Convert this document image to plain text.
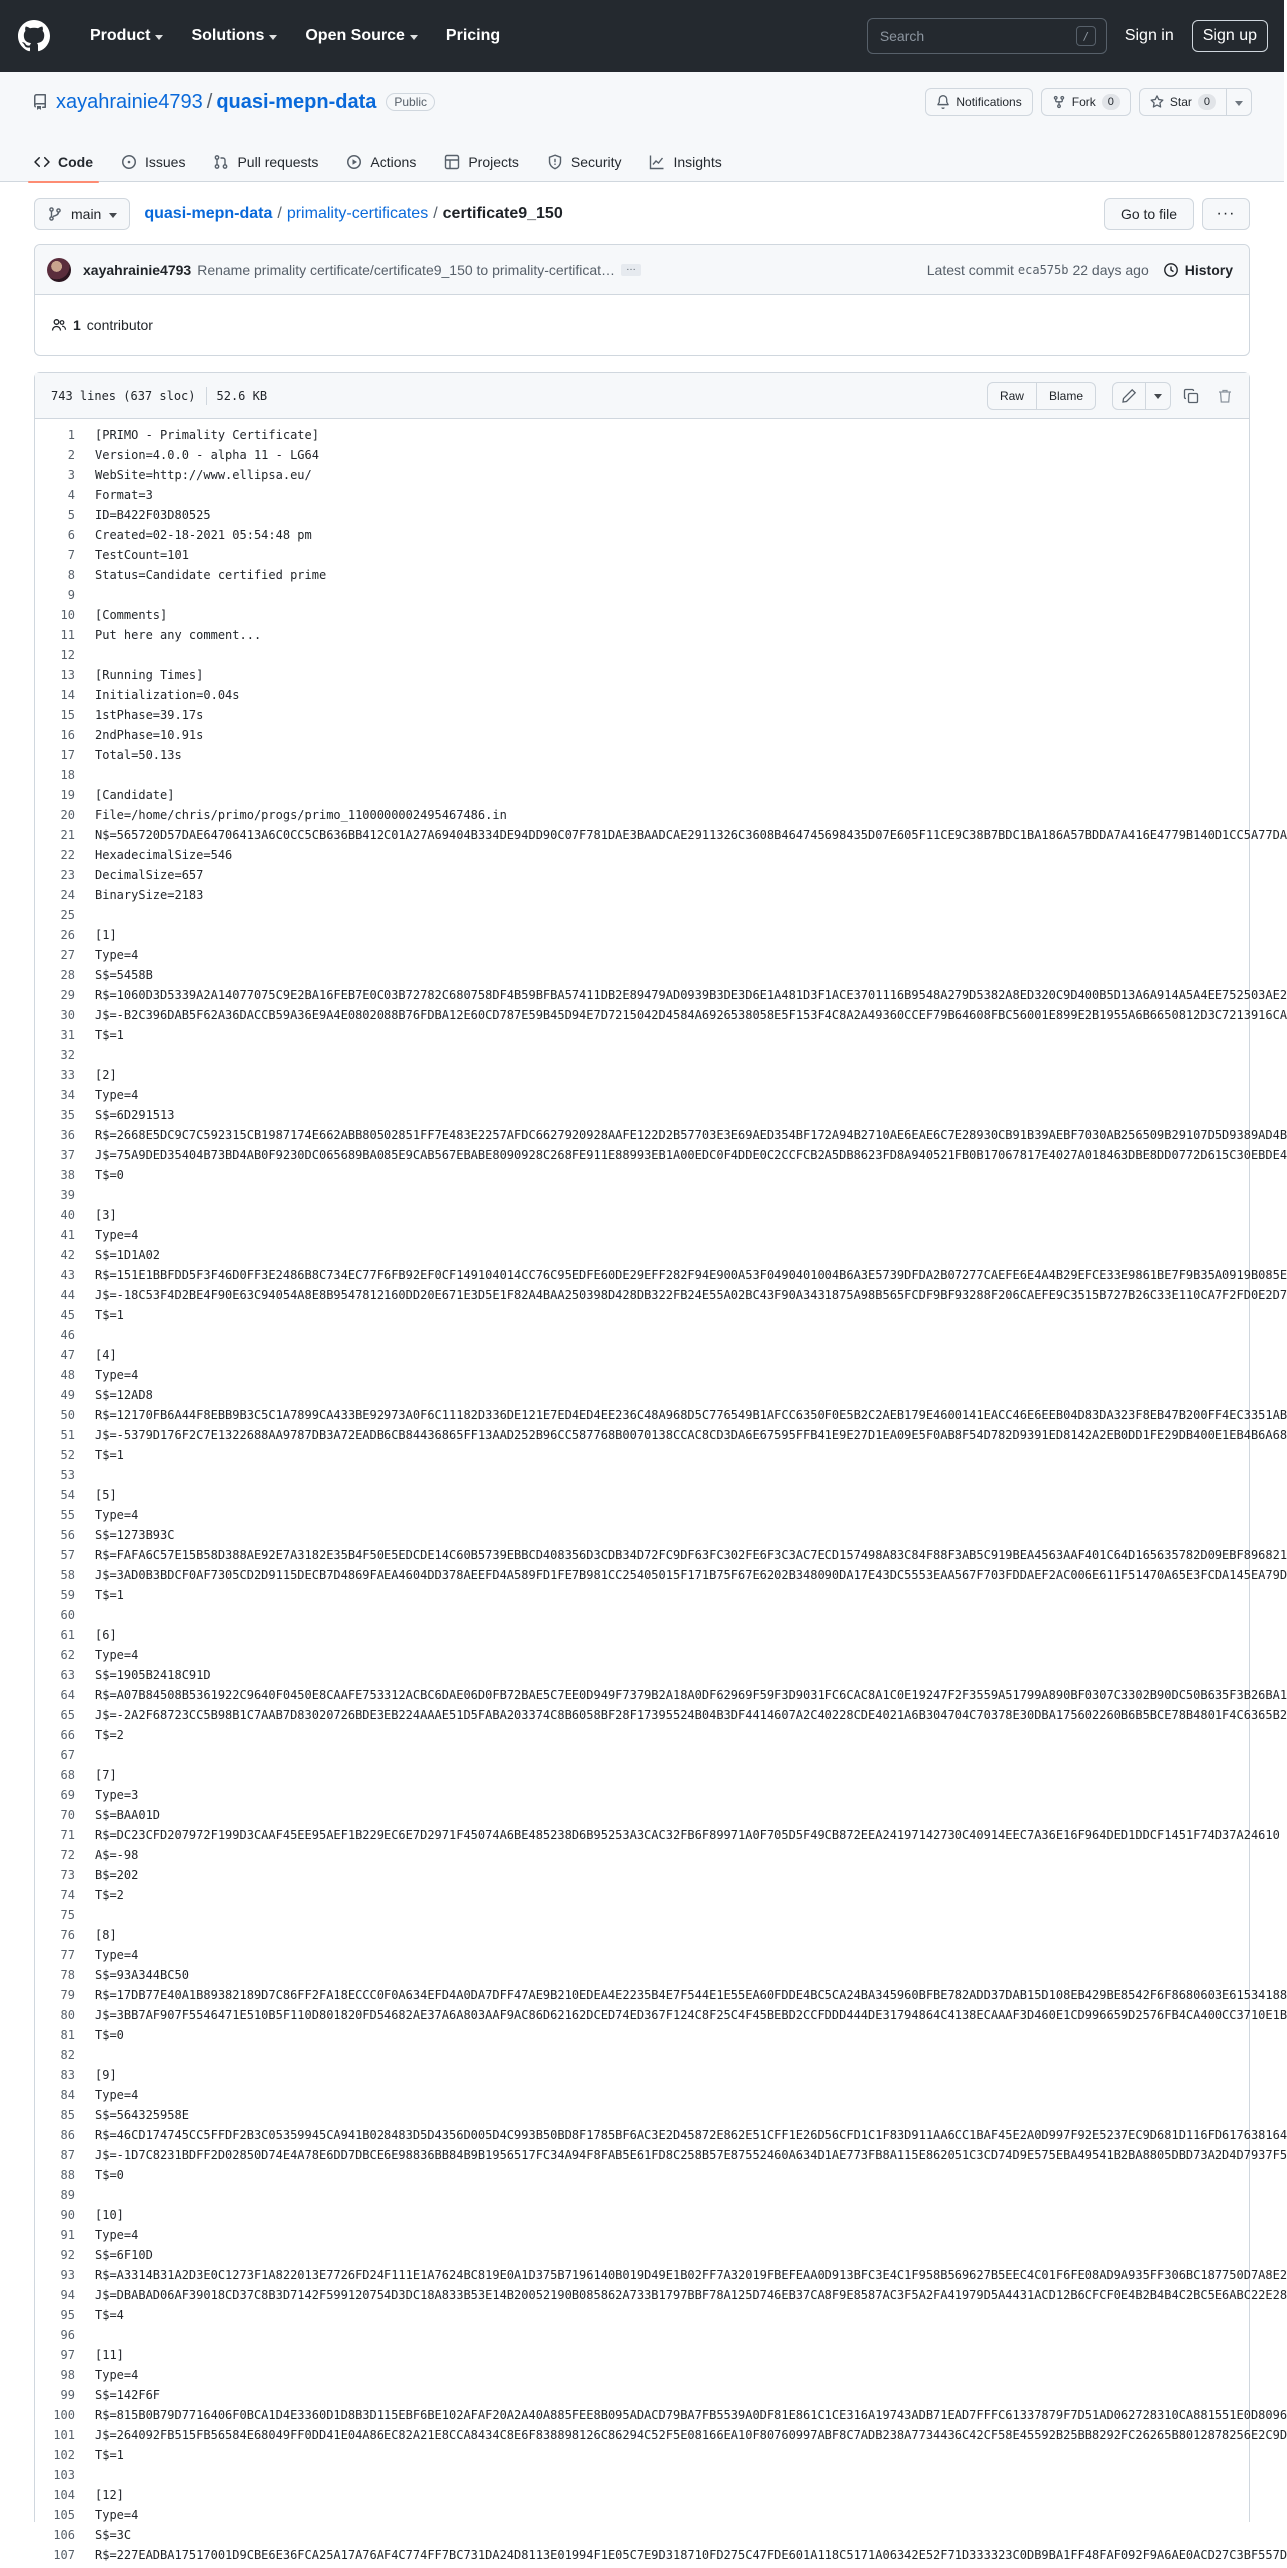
Product	Solutions	Open Source	Pricing	Search	/	Sign in	Sign up
xayahrainie4793 / quasi-mepn-data	Public	Notifications	Fork	0	Star	0
Code	Issues	Pull requests	Actions	Projects	Security	Insights
main	quasi-mepn-data / primality-certificates / certificate9_150	Go to file	···
xayahrainie4793 Rename primality certificate/certificate9_150 to primality-certificat…	…	Latest commit eca575b 22 days ago	History
1 contributor
743 lines (637 sloc) 52.6 KB	Raw	Blame
1	[PRIMO - Primality Certificate]
2	Version=4.0.0 - alpha 11 - LG64
3	WebSite=http://www.ellipsa.eu/
4	Format=3
5	ID=B422F03D80525
6	Created=02-18-2021 05:54:48 pm
7	TestCount=101
8	Status=Candidate certified prime
9
10	[Comments]
11	Put here any comment...
12
13	[Running Times]
14	Initialization=0.04s
15	1stPhase=39.17s
16	2ndPhase=10.91s
17	Total=50.13s
18
19	[Candidate]
20	File=/home/chris/primo/progs/primo_1100000002495467486.in
21	N$=565720D57DAE64706413A6C0CC5CB636BB412C01A27A69404B334DE94DD90C07F781DAE3BAADCAE2911326C3608B464745698435D07E605F11CE9C38B7BDC1BA186A57BDDA7A416E4779B140D1CC5A77DA
22	HexadecimalSize=546
23	DecimalSize=657
24	BinarySize=2183
25
26	[1]
27	Type=4
28	S$=5458B
29	R$=1060D3D5339A2A14077075C9E2BA16FEB7E0C03B72782C680758DF4B59BFBA57411DB2E89479AD0939B3DE3D6E1A481D3F1ACE3701116B9548A279D5382A8ED320C9D400B5D13A6A914A5A4EE752503AE2
30	J$=-B2C396DAB5F62A36DACCB59A36E9A4E0802088B76FDBA12E60CD787E59B45D94E7D7215042D4584A6926538058E5F153F4C8A2A49360CCEF79B64608FBC56001E899E2B1955A6B6650812D3C7213916CA
31	T$=1
32
33	[2]
34	Type=4
35	S$=6D291513
36	R$=2668E5DC9C7C592315CB1987174E662ABB80502851FF7E483E2257AFDC6627920928AAFE122D2B57703E3E69AED354BF172A94B2710AE6EAE6C7E28930CB91B39AEBF7030AB256509B29107D5D9389AD4B
37	J$=75A9DED35404B73BD4AB0F9230DC065689BA085E9CAB567EBABE8090928C268FE911E88993EB1A00EDC0F4DDE0C2CCFCB2A5DB8623FD8A940521FB0B17067817E4027A018463DBE8DD0772D615C30EBDE4
38	T$=0
39
40	[3]
41	Type=4
42	S$=1D1A02
43	R$=151E1BBFDD5F3F46D0FF3E2486B8C734EC77F6FB92EF0CF149104014CC76C95EDFE60DE29EFF282F94E900A53F0490401004B6A3E5739DFDA2B07277CAEFE6E4A4B29EFCE33E9861BE7F9B35A0919B085E
44	J$=-18C53F4D2BE4F90E63C94054A8E8B9547812160DD20E671E3D5E1F82A4BAA250398D428DB322FB24E55A02BC43F90A3431875A98B565FCDF9BF93288F206CAEFE9C3515B727B26C33E110CA7F2FD0E2D7
45	T$=1
46
47	[4]
48	Type=4
49	S$=12AD8
50	R$=12170FB6A44F8EBB9B3C5C1A7899CA433BE92973A0F6C11182D336DE121E7ED4ED4EE236C48A968D5C776549B1AFCC6350F0E5B2C2AEB179E4600141EACC46E6EEB04D83DA323F8EB47B200FF4EC3351AB
51	J$=-5379D176F2C7E1322688AA9787DB3A72EADB6CB84436865FF13AAD252B96CC587768B0070138CCAC8CD3DA6E67595FFB41E9E27D1EA09E5F0AB8F54D782D9391ED8142A2EB0DD1FE29DB400E1EB4B6A68
52	T$=1
53
54	[5]
55	Type=4
56	S$=1273B93C
57	R$=FAFA6C57E15B58D388AE92E7A3182E35B4F50E5EDCDE14C60B5739EBBCD408356D3CDB34D72FC9DF63FC302FE6F3C3AC7ECD157498A83C84F88F3AB5C919BEA4563AAF401C64D165635782D09EBF896821
58	J$=3AD0B3BDCF0AF7305CD2D9115DECB7D4869FAEA4604DD378AEEFD4A589FD1FE7B981CC25405015F171B75F67E6202B348090DA17E43DC5553EAA567F703FDDAEF2AC006E611F51470A65E3FCDA145EA79D
59	T$=1
60
61	[6]
62	Type=4
63	S$=1905B2418C91D
64	R$=A07B84508B5361922C9640F0450E8CAAFE753312ACBC6DAE06D0FB72BAE5C7EE0D949F7379B2A18A0DF62969F59F3D9031FC6CAC8A1C0E19247F2F3559A51799A890BF0307C3302B90DC50B635F3B26BA1
65	J$=-2A2F68723CC5B98B1C7AAB7D83020726BDE3EB224AAAE51D5FABA203374C8B6058BF28F17395524B04B3DF4414607A2C40228CDE4021A6B304704C70378E30DBA175602260B6B5BCE78B4801F4C6365B2
66	T$=2
67
68	[7]
69	Type=3
70	S$=BAA01D
71	R$=DC23CFD207972F199D3CAAF45EE95AEF1B229EC6E7D2971F45074A6BE485238D6B95253A3CAC32FB6F89971A0F705D5F49CB872EEA24197142730C40914EEC7A36E16F964DED1DDCF1451F74D37A24610
72	A$=-98
73	B$=202
74	T$=2
75
76	[8]
77	Type=4
78	S$=93A344BC50
79	R$=17DB77E40A1B89382189D7C86FF2FA18ECCC0F0A634EFD4A0DA7DFF47AE9B210EDEA4E2235B4E7F544E1E55EA60FDDE4BC5CA24BA345960BFBE782ADD37DAB15D108EB429BE8542F6F8680603E61534188
80	J$=3BB7AF907F5546471E510B5F110D801820FD54682AE37A6A803AAF9AC86D62162DCED74ED367F124C8F25C4F45BEBD2CCFDDD444DE31794864C4138ECAAAF3D460E1CD996659D2576FB4CA400CC3710E1B
81	T$=0
82
83	[9]
84	Type=4
85	S$=564325958E
86	R$=46CD174745CC5FFDF2B3C05359945CA941B028483D5D4356D005D4C993B50BD8F1785BF6AC3E2D45872E862E51CFF1E26D56CFD1C1F83D911AA6CC1BAF45E2A0D997F92E5237EC9D681D116FD617638164
87	J$=-1D7C8231BDFF2D02850D74E4A78E6DD7DBCE6E98836BB84B9B1956517FC34A94F8FAB5E61FD8C258B57E87552460A634D1AE773FB8A115E862051C3CD74D9E575EBA49541B2BA8805DBD73A2D4D7937F5
88	T$=0
89
90	[10]
91	Type=4
92	S$=6F10D
93	R$=A3314B31A2D3E0C1273F1A822013E7726FD24F111E1A7624BC819E0A1D375B7196140B019D49E1B02FF7A32019FBEFEAA0D913BFC3E4C1F958B569627B5EEC4C01F6FE08AD9A935FF306BC187750D7A8E2
94	J$=DBABAD06AF39018CD37C8B3D7142F599120754D3DC18A833B53E14B20052190B085862A733B1797BBF78A125D746EB37CA8F9E8587AC3F5A2FA41979D5A4431ACD12B6CFCF0E4B2B4B4C2BC5E6ABC22E28
95	T$=4
96
97	[11]
98	Type=4
99	S$=142F6F
100	R$=815B0B79D7716406F0BCA1D4E3360D1D8B3D115EBF6BE102AFAF20A2A40A885FEE8B095ADACD79BA7FB5539A0DF81E861C1CE316A19743ADB71EAD7FFFC61337879F7D51AD062728310CA881551E0D8096
101	J$=264092FB515FB56584E68049FF0DD41E04A86EC82A21E8CCA8434C8E6F838898126C86294C52F5E08166EA10F80760997ABF8C7ADB238A7734436C42CF58E45592B25BB8292FC26265B8012878256E2C9D
102	T$=1
103
104	[12]
105	Type=4
106	S$=3C
107	R$=227EADBA17517001D9CBE6E36FCA25A17A76AF4C774FF7BC731DA24D8113E01994F1E05C7E9D318710FD275C47FDE601A118C5171A06342E52F71D333323C0DB9BA1FF48FAF092F9A6AE0ACD27C3BF557D
